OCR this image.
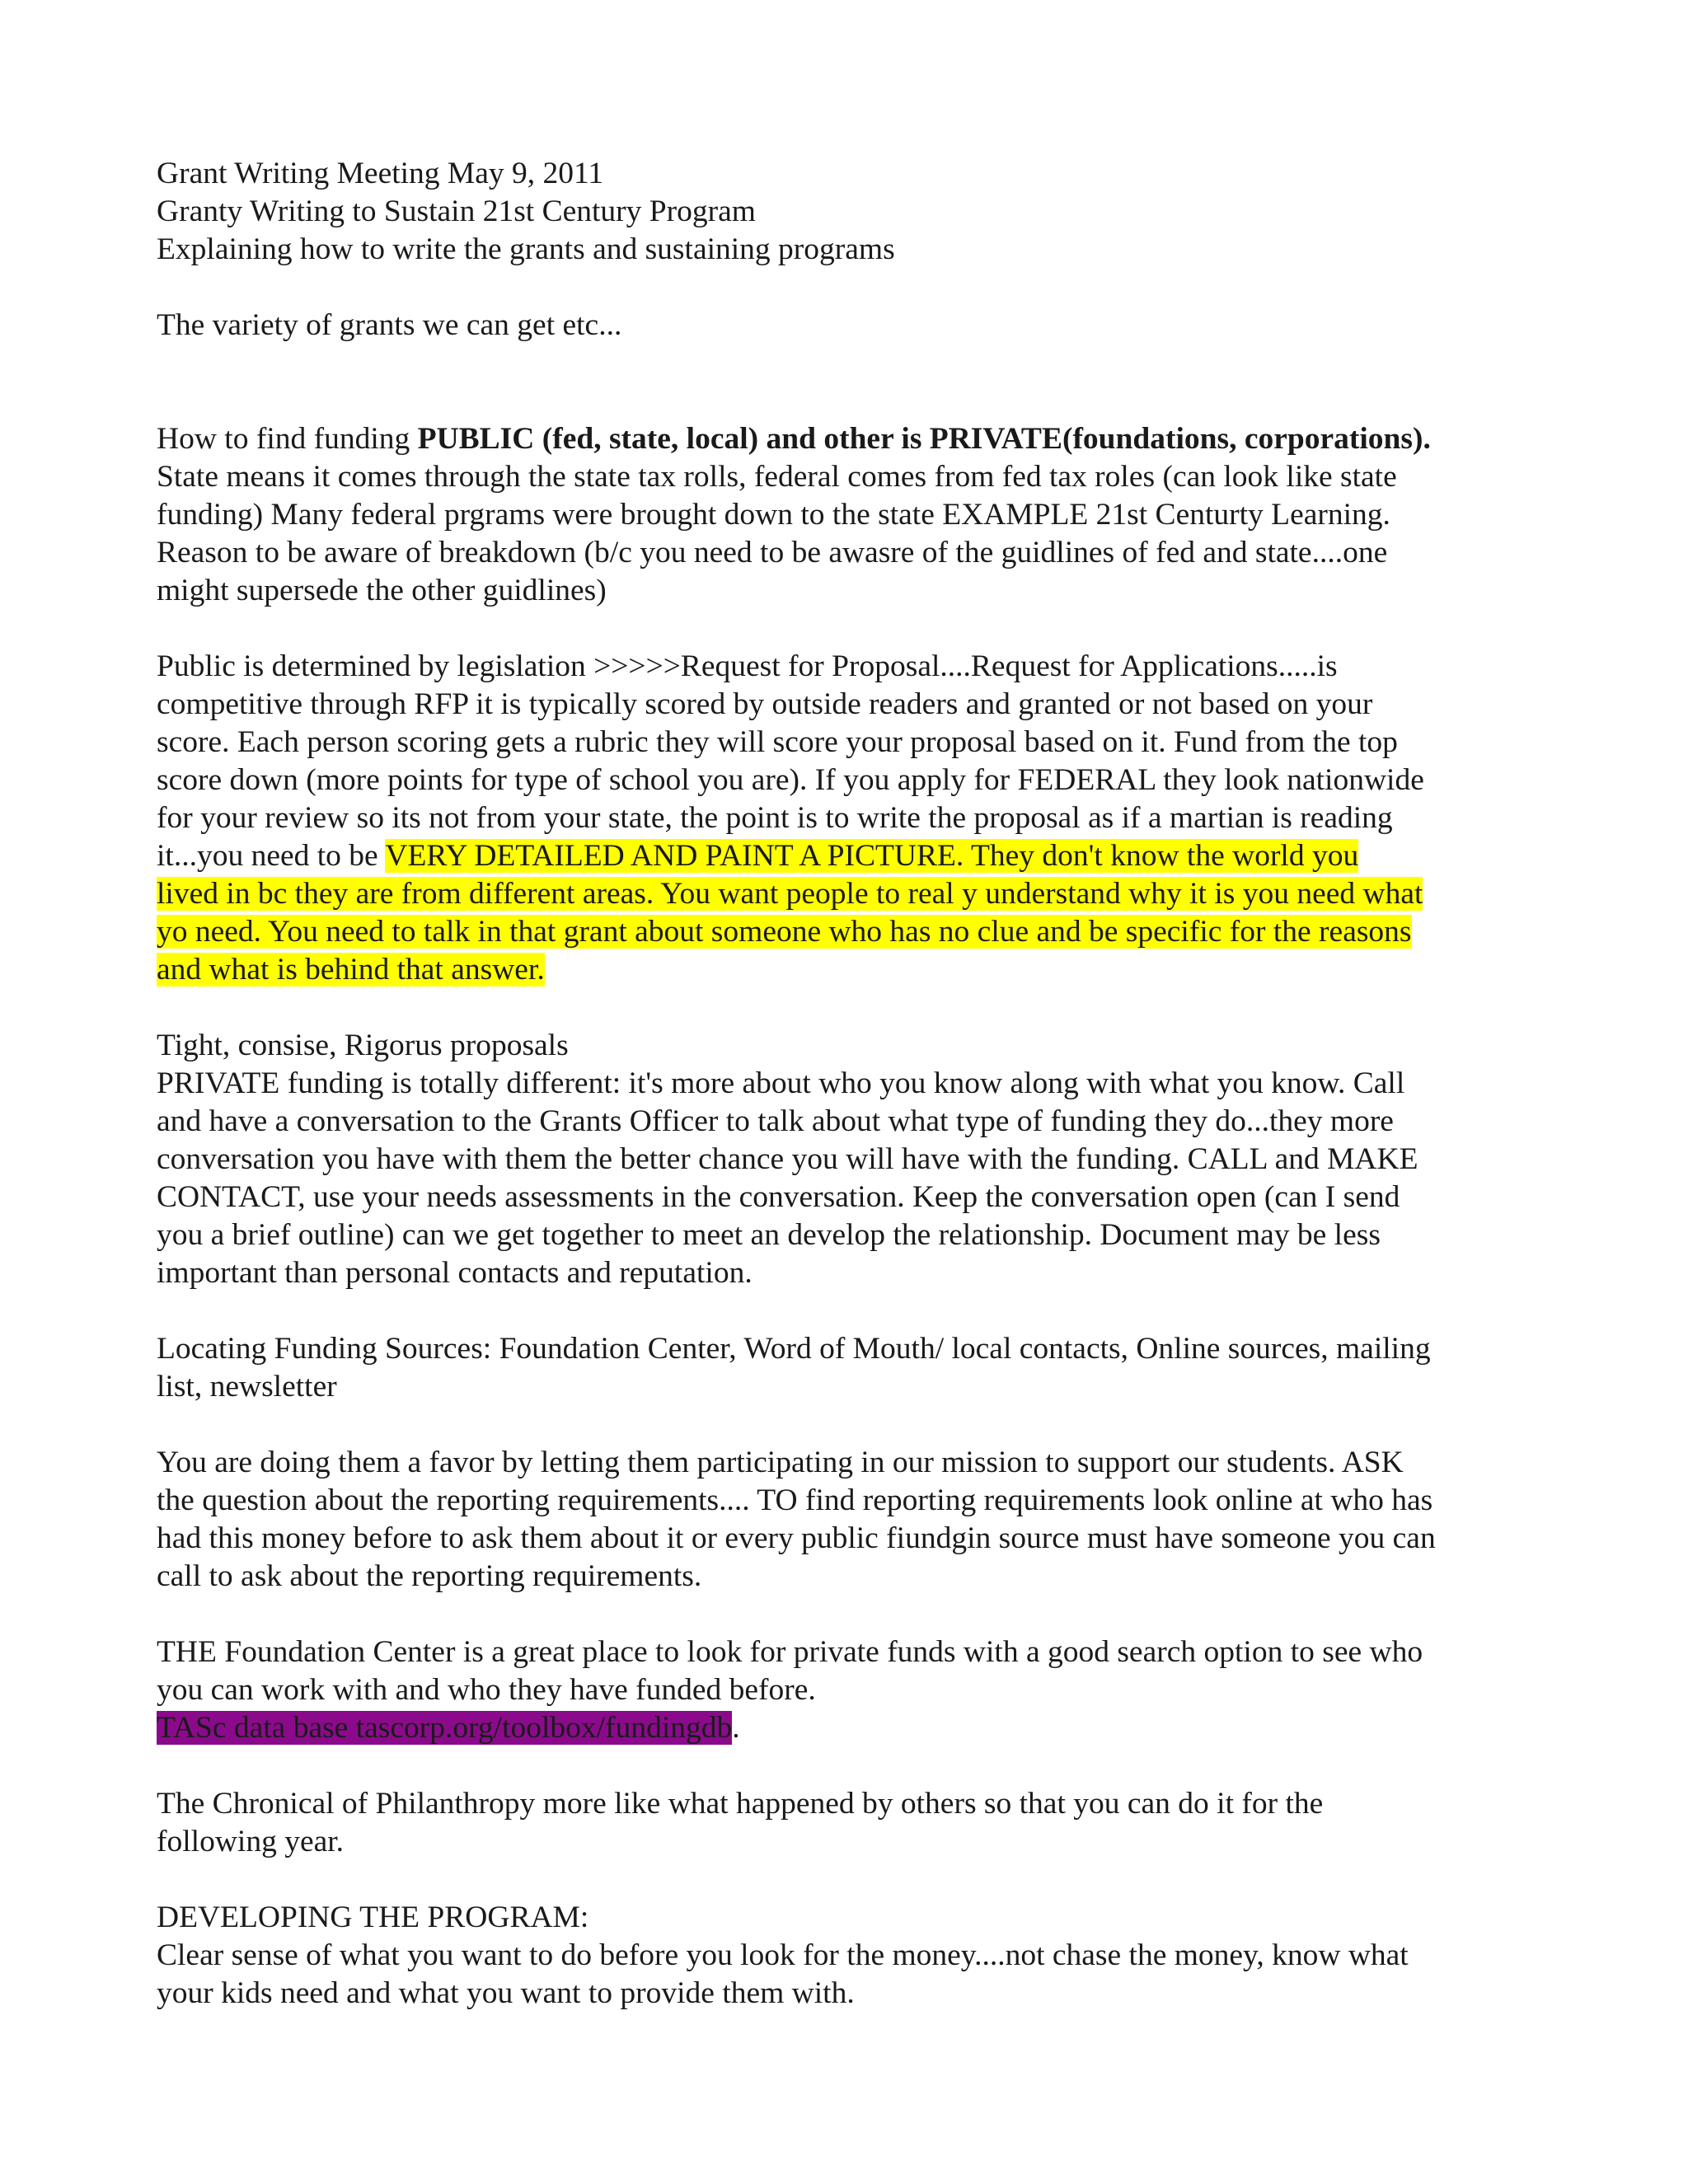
Grant Writing Meeting May 9, 2011
Granty Writing to Sustain 21st Century Program
Explaining how to write the grants and sustaining programs
The variety of grants we can get etc...
How to find funding PUBLIC (fed, state, local) and other is PRIVATE(foundations, corporations).
State means it comes through the state tax rolls, federal comes from fed tax roles (can look like state
funding) Many federal prgrams were brought down to the state EXAMPLE 21st Centurty Learning.
Reason to be aware of breakdown (b/c you need to be awasre of the guidlines of fed and state....one
might supersede the other guidlines)
Public is determined by legislation >>>>>Request for Proposal....Request for Applications.....is
competitive through RFP it is typically scored by outside readers and granted or not based on your
score. Each person scoring gets a rubric they will score your proposal based on it. Fund from the top
score down (more points for type of school you are). If you apply for FEDERAL they look nationwide
for your review so its not from your state, the point is to write the proposal as if a martian is reading
it...you need to be VERY DETAILED AND PAINT A PICTURE. They don't know the world you
lived in bc they are from different areas. You want people to real y understand why it is you need what
yo need. You need to talk in that grant about someone who has no clue and be specific for the reasons
and what is behind that answer.
Tight, consise, Rigorus proposals
PRIVATE funding is totally different: it's more about who you know along with what you know. Call
and have a conversation to the Grants Officer to talk about what type of funding they do...they more
conversation you have with them the better chance you will have with the funding. CALL and MAKE
CONTACT, use your needs assessments in the conversation. Keep the conversation open (can I send
you a brief outline) can we get together to meet an develop the relationship. Document may be less
important than personal contacts and reputation.
Locating Funding Sources: Foundation Center, Word of Mouth/ local contacts, Online sources, mailing
list, newsletter
You are doing them a favor by letting them participating in our mission to support our students. ASK
the question about the reporting requirements.... TO find reporting requirements look online at who has
had this money before to ask them about it or every public fiundgin source must have someone you can
call to ask about the reporting requirements.
THE Foundation Center is a great place to look for private funds with a good search option to see who
you can work with and who they have funded before.
TASc data base tascorp.org/toolbox/fundingdb.
The Chronical of Philanthropy more like what happened by others so that you can do it for the
following year.
DEVELOPING THE PROGRAM:
Clear sense of what you want to do before you look for the money....not chase the money, know what
your kids need and what you want to provide them with.
